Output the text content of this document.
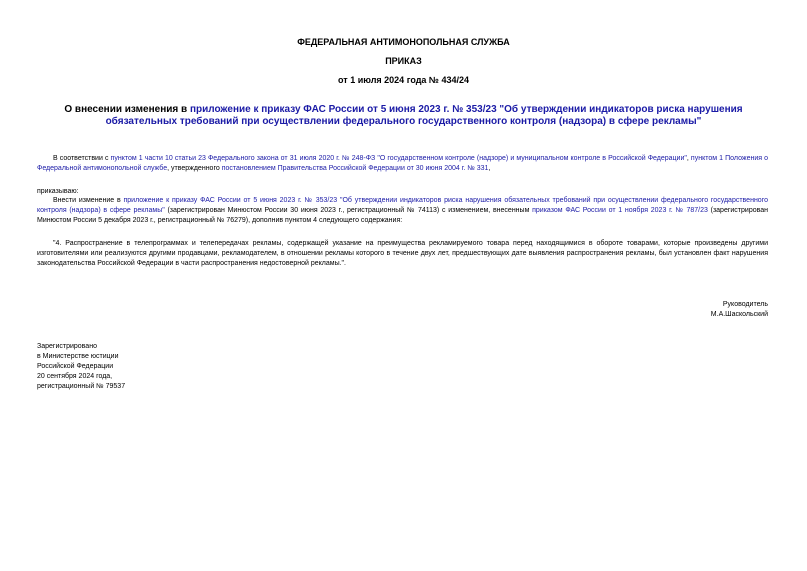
ФЕДЕРАЛЬНАЯ АНТИМОНОПОЛЬНАЯ СЛУЖБА
ПРИКАЗ
от 1 июля 2024 года № 434/24
О внесении изменения в приложение к приказу ФАС России от 5 июня 2023 г. № 353/23 "Об утверждении индикаторов риска нарушения обязательных требований при осуществлении федерального государственного контроля (надзора) в сфере рекламы"
В соответствии с пунктом 1 части 10 статьи 23 Федерального закона от 31 июля 2020 г. № 248-ФЗ "О государственном контроле (надзоре) и муниципальном контроле в Российской Федерации", пунктом 1 Положения о Федеральной антимонопольной службе, утвержденного постановлением Правительства Российской Федерации от 30 июня 2004 г. № 331,
приказываю:
Внести изменение в приложение к приказу ФАС России от 5 июня 2023 г. № 353/23 "Об утверждении индикаторов риска нарушения обязательных требований при осуществлении федерального государственного контроля (надзора) в сфере рекламы" (зарегистрирован Минюстом России 30 июня 2023 г., регистрационный № 74113) с изменением, внесенным приказом ФАС России от 1 ноября 2023 г. № 787/23 (зарегистрирован Минюстом России 5 декабря 2023 г., регистрационный № 76279), дополнив пунктом 4 следующего содержания:
"4. Распространение в телепрограммах и телепередачах рекламы, содержащей указание на преимущества рекламируемого товара перед находящимися в обороте товарами, которые произведены другими изготовителями или реализуются другими продавцами, рекламодателем, в отношении рекламы которого в течение двух лет, предшествующих дате выявления распространения рекламы, был установлен факт нарушения законодательства Российской Федерации в части распространения недостоверной рекламы.".
Руководитель
М.А.Шаскольский
Зарегистрировано
в Министерстве юстиции
Российской Федерации
20 сентября 2024 года,
регистрационный № 79537
